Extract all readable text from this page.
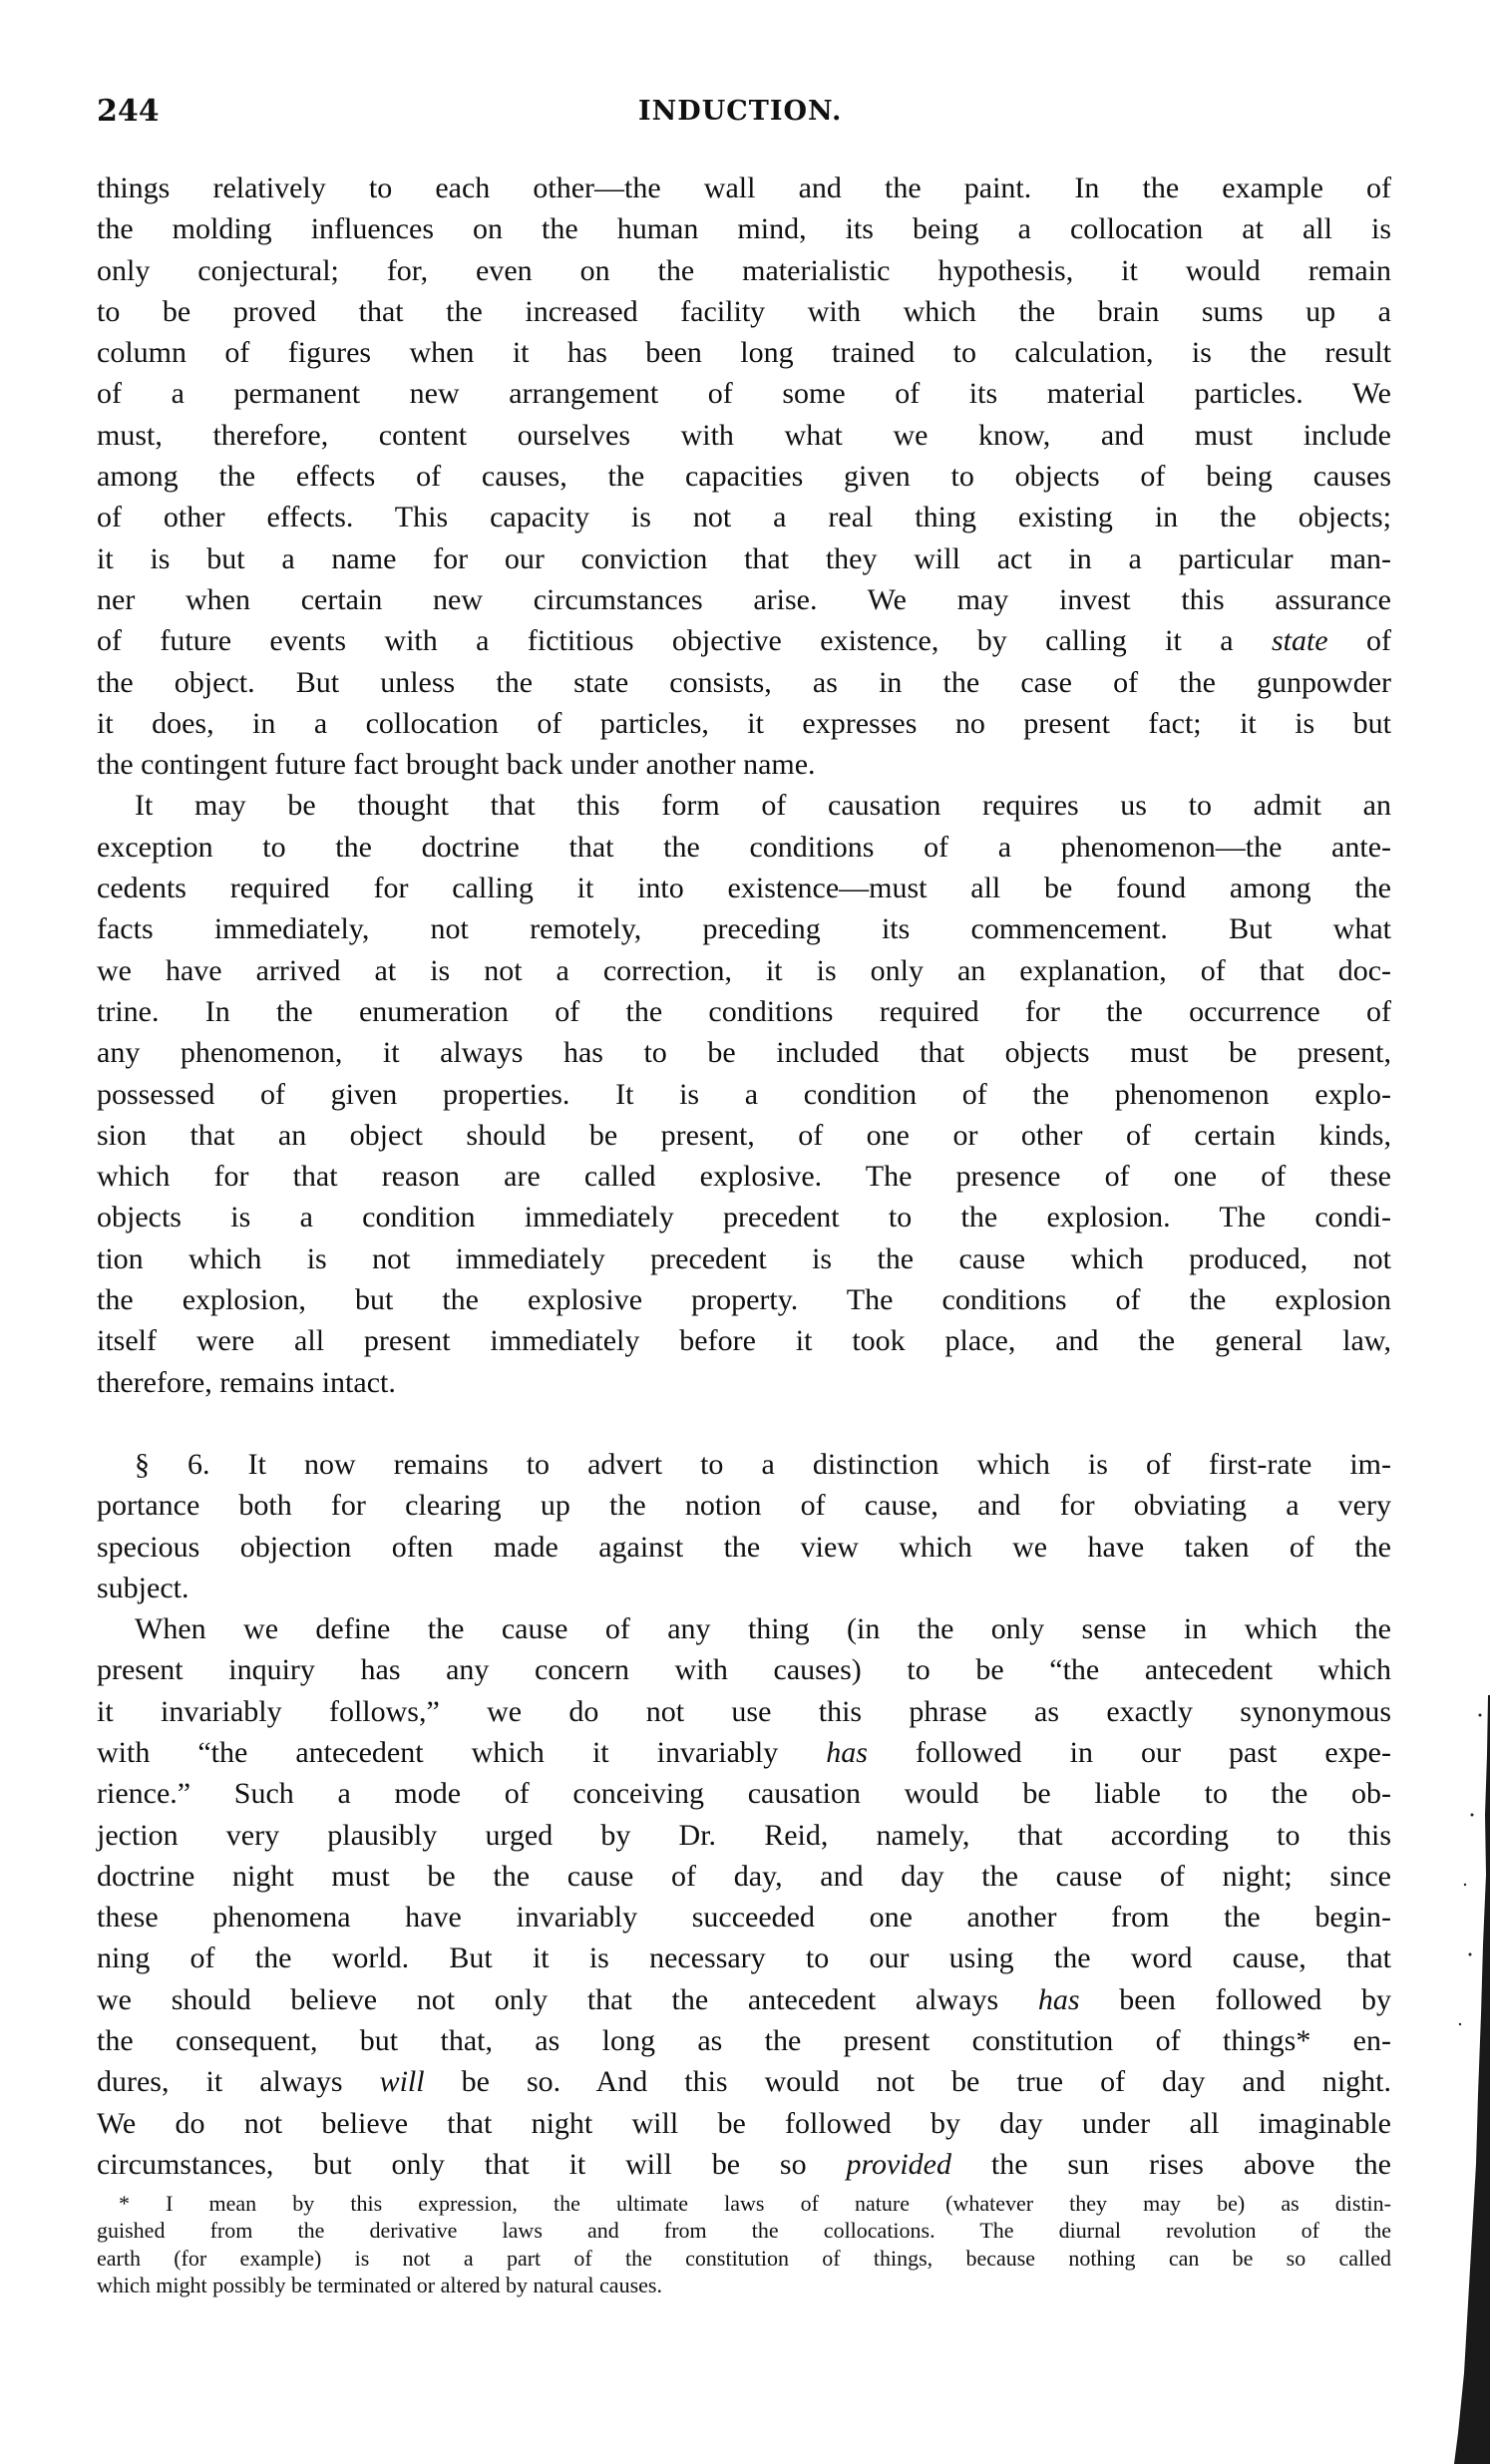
244	INDUCTION.
things relatively to each other—the wall and the paint. In the example of
the molding influences on the human mind, its being a collocation at all is
only conjectural; for, even on the materialistic hypothesis, it would remain
to be proved that the increased facility with which the brain sums up a
column of figures when it has been long trained to calculation, is the result
of a permanent new arrangement of some of its material particles. We
must, therefore, content ourselves with what we know, and must include
among the effects of causes, the capacities given to objects of being causes
of other effects. This capacity is not a real thing existing in the objects;
it is but a name for our conviction that they will act in a particular man-
ner when certain new circumstances arise. We may invest this assurance
of future events with a fictitious objective existence, by calling it a state of
the object. But unless the state consists, as in the case of the gunpowder
it does, in a collocation of particles, it expresses no present fact; it is but
the contingent future fact brought back under another name.
It may be thought that this form of causation requires us to admit an
exception to the doctrine that the conditions of a phenomenon—the ante-
cedents required for calling it into existence—must all be found among the
facts immediately, not remotely, preceding its commencement. But what
we have arrived at is not a correction, it is only an explanation, of that doc-
trine. In the enumeration of the conditions required for the occurrence of
any phenomenon, it always has to be included that objects must be present,
possessed of given properties. It is a condition of the phenomenon explo-
sion that an object should be present, of one or other of certain kinds,
which for that reason are called explosive. The presence of one of these
objects is a condition immediately precedent to the explosion. The condi-
tion which is not immediately precedent is the cause which produced, not
the explosion, but the explosive property. The conditions of the explosion
itself were all present immediately before it took place, and the general law,
therefore, remains intact.
§ 6. It now remains to advert to a distinction which is of first-rate im-
portance both for clearing up the notion of cause, and for obviating a very
specious objection often made against the view which we have taken of the
subject.
When we define the cause of any thing (in the only sense in which the
present inquiry has any concern with causes) to be “the antecedent which
it invariably follows,” we do not use this phrase as exactly synonymous
with “the antecedent which it invariably has followed in our past expe-
rience.” Such a mode of conceiving causation would be liable to the ob-
jection very plausibly urged by Dr. Reid, namely, that according to this
doctrine night must be the cause of day, and day the cause of night; since
these phenomena have invariably succeeded one another from the begin-
ning of the world. But it is necessary to our using the word cause, that
we should believe not only that the antecedent always has been followed by
the consequent, but that, as long as the present constitution of things* en-
dures, it always will be so. And this would not be true of day and night.
We do not believe that night will be followed by day under all imaginable
circumstances, but only that it will be so provided the sun rises above the
* I mean by this expression, the ultimate laws of nature (whatever they may be) as distin-
guished from the derivative laws and from the collocations. The diurnal revolution of the
earth (for example) is not a part of the constitution of things, because nothing can be so called
which might possibly be terminated or altered by natural causes.
